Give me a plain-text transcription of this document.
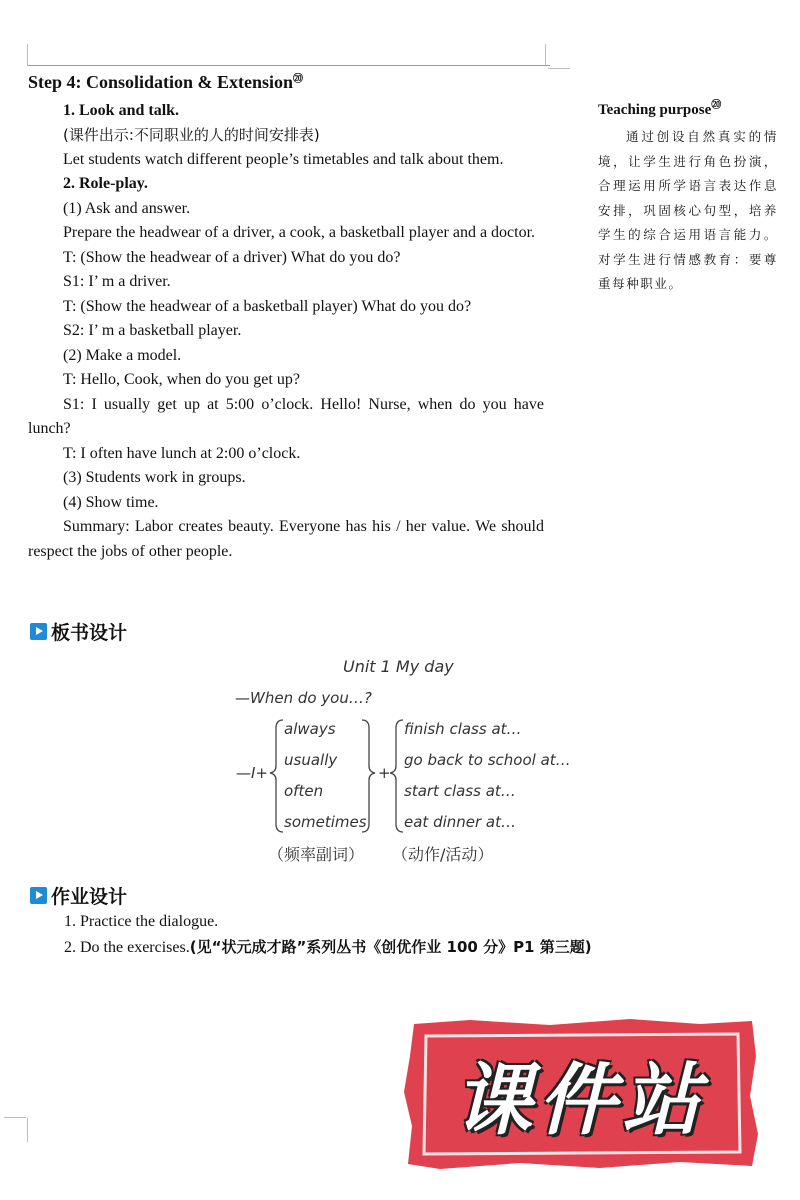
Step 4: Consolidation & Extension⑳

1. Look and talk.

(课件出示:不同职业的人的时间安排表)

Let students watch different people’s timetables and talk about them.

2. Role-play.

(1) Ask and answer.

Prepare the headwear of a driver, a cook, a basketball player and a doctor.

T: (Show the headwear of a driver) What do you do?

S1: I’ m a driver.

T: (Show the headwear of a basketball player) What do you do?

S2: I’ m a basketball player.

(2) Make a model.

T: Hello, Cook, when do you get up?

S1: I usually get up at 5:00 o’clock. Hello! Nurse, when do you have lunch?

T: I often have lunch at 2:00 o’clock.

(3) Students work in groups.

(4) Show time.

Summary: Labor creates beauty. Everyone has his / her value. We should respect the jobs of other people.

Teaching purpose⑳

通过创设自然真实的情境，让学生进行角色扮演，合理运用所学语言表达作息安排，巩固核心句型，培养学生的综合运用语言能力。对学生进行情感教育：要尊重每种职业。

板书设计
Unit 1 My day
—When do you…?
—I+
always
usually
often
sometimes
+
finish class at…
go back to school at…
start class at…
eat dinner at…
（频率副词） （动作/活动）
作业设计
1. Practice the dialogue.
2. Do the exercises.(见“状元成才路”系列丛书《创优作业 100 分》P1 第三题)
课件站
